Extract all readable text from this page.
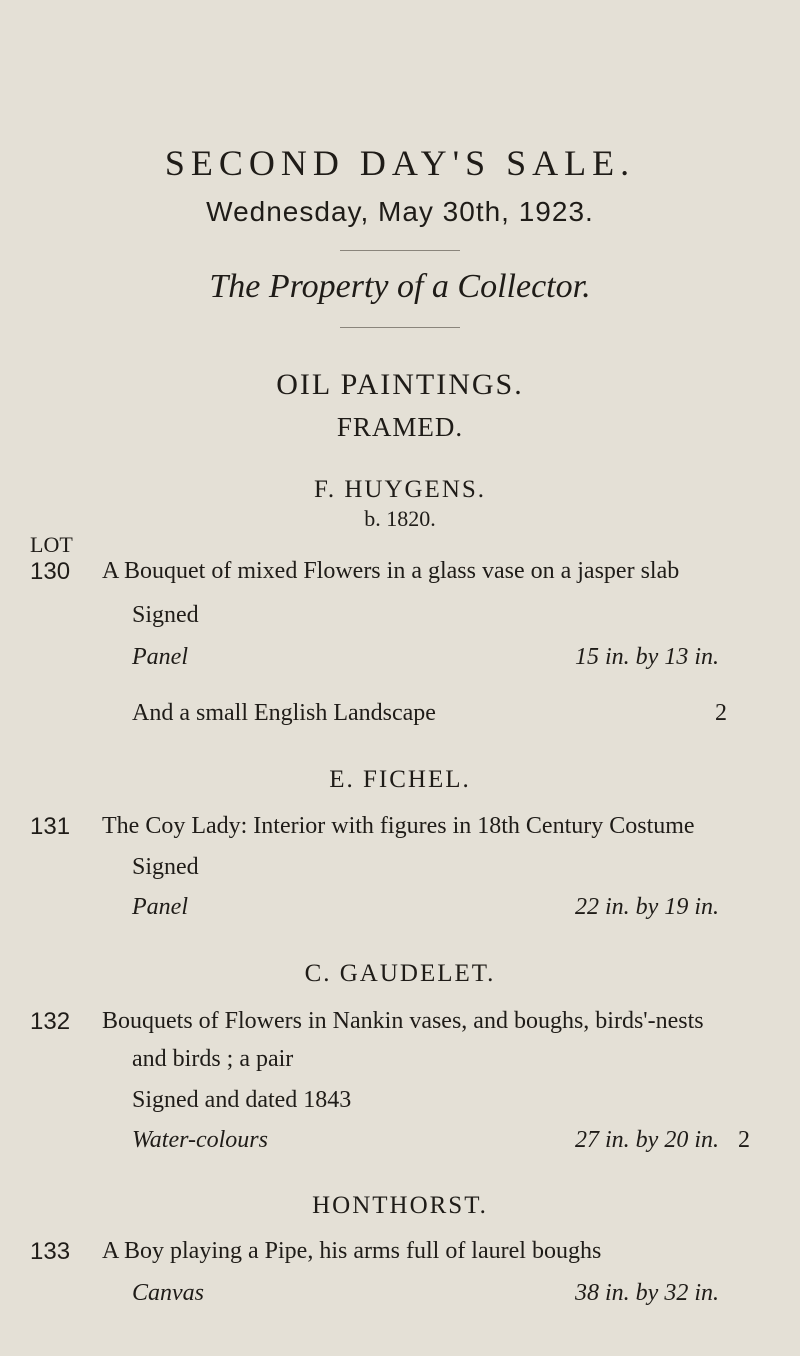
SECOND DAY'S SALE.
Wednesday, May 30th, 1923.
The Property of a Collector.
OIL PAINTINGS.
FRAMED.
F. HUYGENS.
b. 1820.
LOT
130 A Bouquet of mixed Flowers in a glass vase on a jasper slab
Signed
Panel	15 in. by 13 in.
And a small English Landscape	2
E. FICHEL.
131 The Coy Lady: Interior with figures in 18th Century Costume
Signed
Panel	22 in. by 19 in.
C. GAUDELET.
132 Bouquets of Flowers in Nankin vases, and boughs, birds'-nests
and birds ; a pair
Signed and dated 1843
Water-colours	27 in. by 20 in. 2
HONTHORST.
133 A Boy playing a Pipe, his arms full of laurel boughs
Canvas	38 in. by 32 in.
